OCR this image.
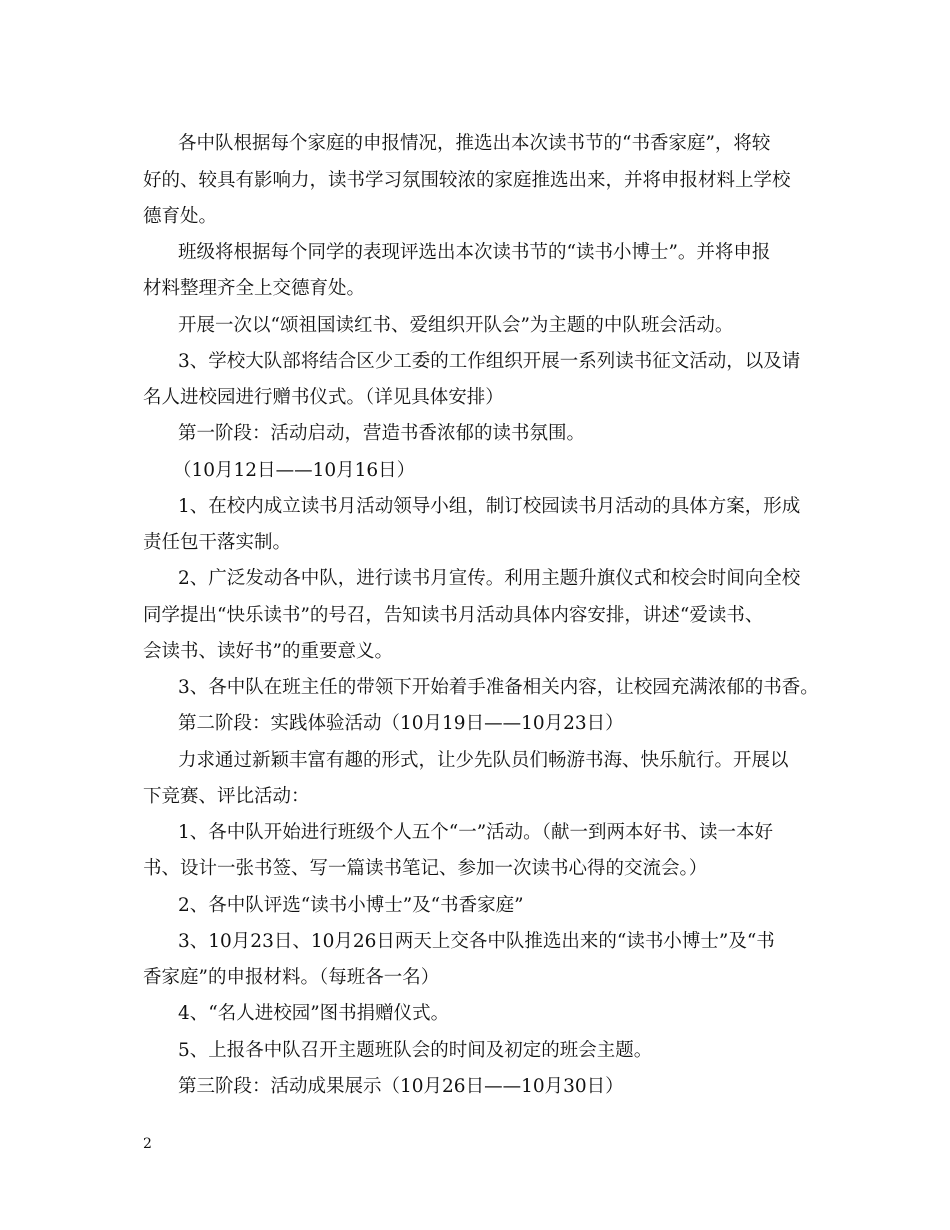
各中队根据每个家庭的申报情况，推选出本次读书节的“书香家庭”，将较
好的、较具有影响力，读书学习氛围较浓的家庭推选出来，并将申报材料上学校
德育处。
班级将根据每个同学的表现评选出本次读书节的“读书小博士”。并将申报
材料整理齐全上交德育处。
开展一次以“颂祖国读红书、爱组织开队会”为主题的中队班会活动。
3、学校大队部将结合区少工委的工作组织开展一系列读书征文活动，以及请
名人进校园进行赠书仪式。（详见具体安排）
第一阶段：活动启动，营造书香浓郁的读书氛围。
（10月12日——10月16日）
1、在校内成立读书月活动领导小组，制订校园读书月活动的具体方案，形成
责任包干落实制。
2、广泛发动各中队，进行读书月宣传。利用主题升旗仪式和校会时间向全校
同学提出“快乐读书”的号召，告知读书月活动具体内容安排，讲述“爱读书、
会读书、读好书”的重要意义。
3、各中队在班主任的带领下开始着手准备相关内容，让校园充满浓郁的书香。
第二阶段：实践体验活动（10月19日——10月23日）
力求通过新颖丰富有趣的形式，让少先队员们畅游书海、快乐航行。开展以
下竞赛、评比活动：
1、各中队开始进行班级个人五个“一”活动。（献一到两本好书、读一本好
书、设计一张书签、写一篇读书笔记、参加一次读书心得的交流会。）
2、各中队评选“读书小博士”及“书香家庭”
3、10月23日、10月26日两天上交各中队推选出来的“读书小博士”及“书
香家庭”的申报材料。（每班各一名）
4、“名人进校园”图书捐赠仪式。
5、上报各中队召开主题班队会的时间及初定的班会主题。
第三阶段：活动成果展示（10月26日——10月30日）
2
